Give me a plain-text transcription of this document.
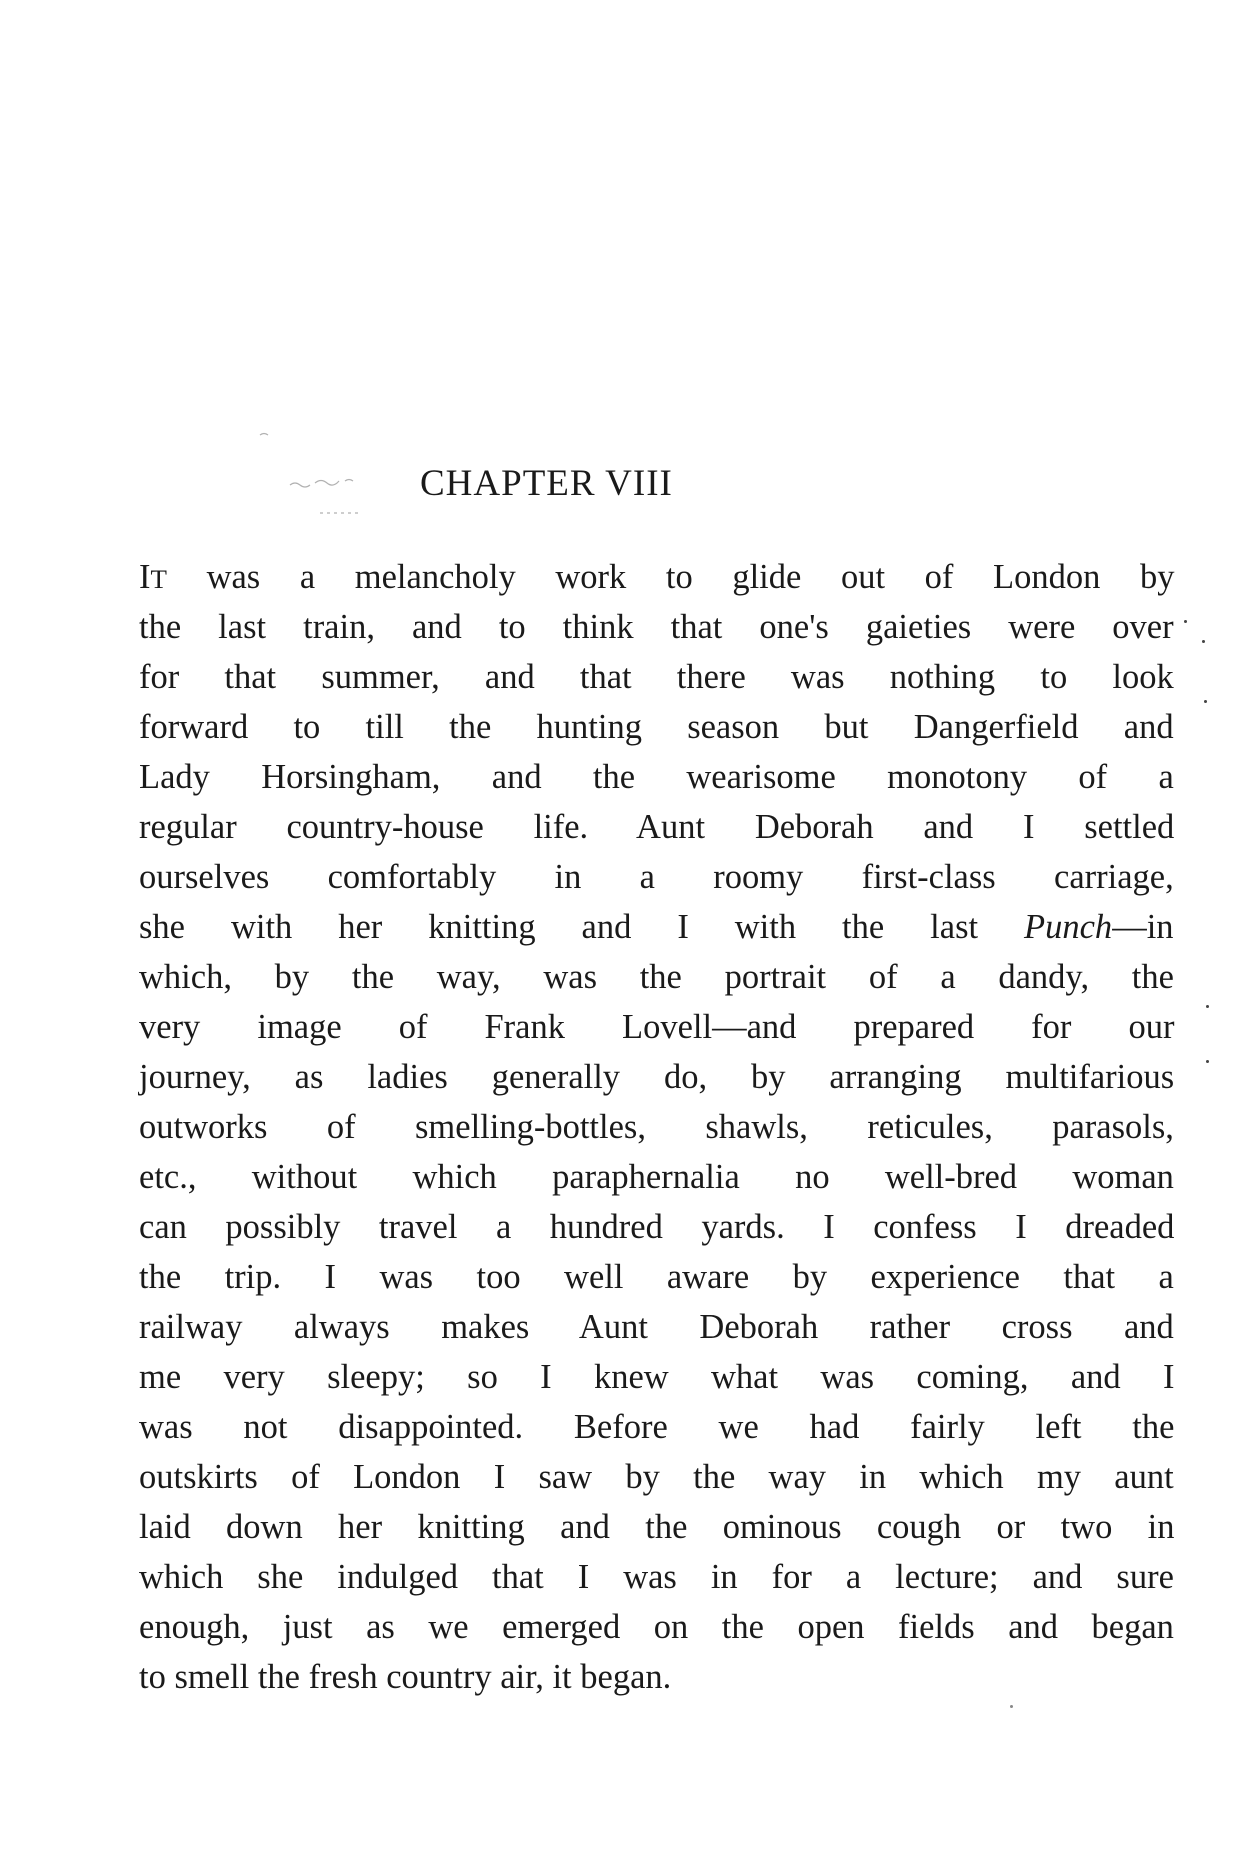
CHAPTER VIII
IT was a melancholy work to glide out of London by
the last train, and to think that one's gaieties were over
for that summer, and that there was nothing to look
forward to till the hunting season but Dangerfield and
Lady Horsingham, and the wearisome monotony of a
regular country-house life. Aunt Deborah and I settled
ourselves comfortably in a roomy first-class carriage,
she with her knitting and I with the last Punch—in
which, by the way, was the portrait of a dandy, the
very image of Frank Lovell—and prepared for our
journey, as ladies generally do, by arranging multifarious
outworks of smelling-bottles, shawls, reticules, parasols,
etc., without which paraphernalia no well-bred woman
can possibly travel a hundred yards. I confess I dreaded
the trip. I was too well aware by experience that a
railway always makes Aunt Deborah rather cross and
me very sleepy; so I knew what was coming, and I
was not disappointed. Before we had fairly left the
outskirts of London I saw by the way in which my aunt
laid down her knitting and the ominous cough or two in
which she indulged that I was in for a lecture; and sure
enough, just as we emerged on the open fields and began
to smell the fresh country air, it began.
